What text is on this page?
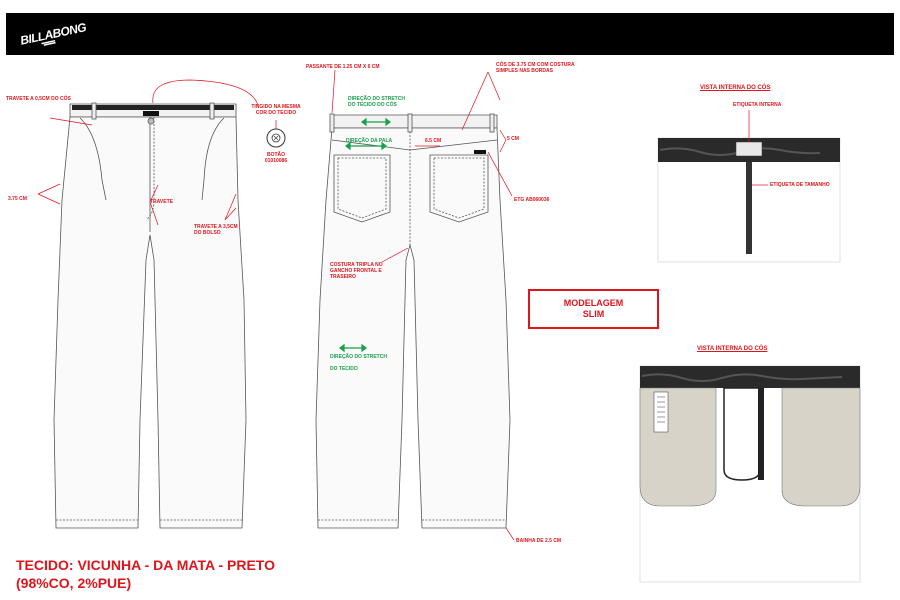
BILLABONG
TRAVETE A 0,5CM DO CÓS
3.75 CM	TRAVETE
TRAVETE A 3,5CM DO BOLSO
TINGIDO NA MESMA COR DO TECIDO
BOTÃO 01010086
PASSANTE DE 1.25 CM X 6 CM	CÓS DE 3.75 CM COM COSTURA SIMPLES NAS BORDAS
DIREÇÃO DO STRETCH DO TECIDO DO CÓS
DIREÇÃO DA PALA	6.5 CM	5 CM
ETG AB060036
COSTURA TRIPLA NO GANCHO FRONTAL E TRASEIRO
DIREÇÃO DO STRETCH
DO TECIDO
BAINHA DE 2.5 CM
MODELAGEM
SLIM
VISTA INTERNA DO CÓS
ETIQUETA INTERNA
ETIQUETA DE TAMANHO
VISTA INTERNA DO CÓS
TECIDO: VICUNHA - DA MATA - PRETO
(98%CO, 2%PUE)
